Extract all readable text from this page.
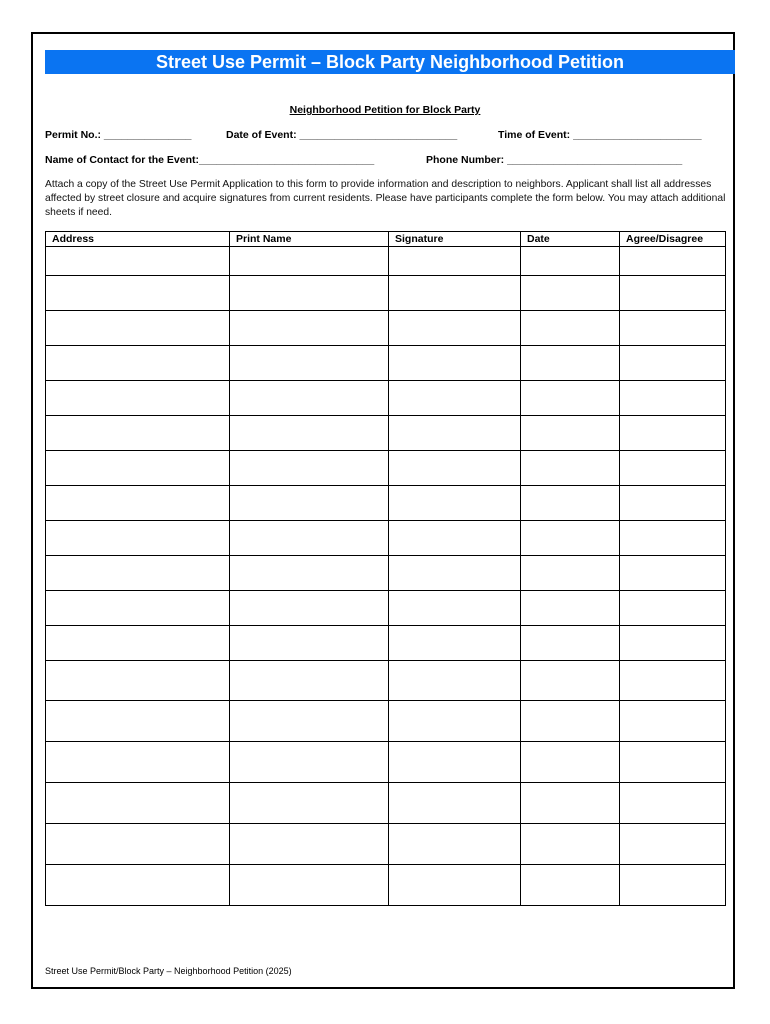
Street Use Permit – Block Party Neighborhood Petition
Neighborhood Petition for Block Party
Permit No.: _______________	Date of Event: ___________________________	Time of Event: ______________________
Name of Contact for the Event:______________________________	Phone Number: ______________________________
Attach a copy of the Street Use Permit Application to this form to provide information and description to neighbors. Applicant shall list all addresses affected by street closure and acquire signatures from current residents. Please have participants complete the form below. You may attach additional sheets if need.
Address	Print Name	Signature	Date	Agree/Disagree

Street Use Permit/Block Party – Neighborhood Petition (2025)
